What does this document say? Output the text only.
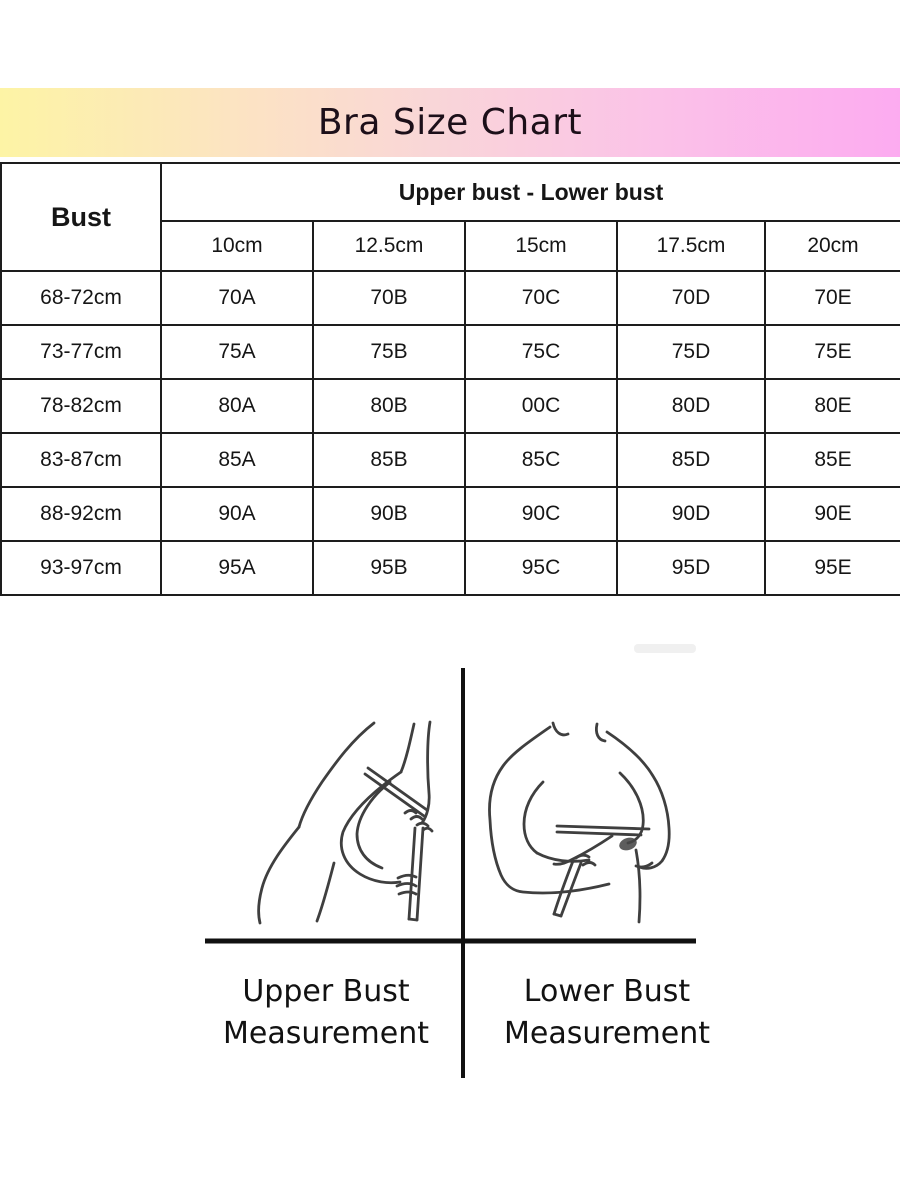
Bra Size Chart
Bust	Upper bust - Lower bust				
	10cm	12.5cm	15cm	17.5cm	20cm
68-72cm	70A	70B	70C	70D	70E
73-77cm	75A	75B	75C	75D	75E
78-82cm	80A	80B	00C	80D	80E
83-87cm	85A	85B	85C	85D	85E
88-92cm	90A	90B	90C	90D	90E
93-97cm	95A	95B	95C	95D	95E
Upper Bust
Measurement
Lower Bust
Measurement
